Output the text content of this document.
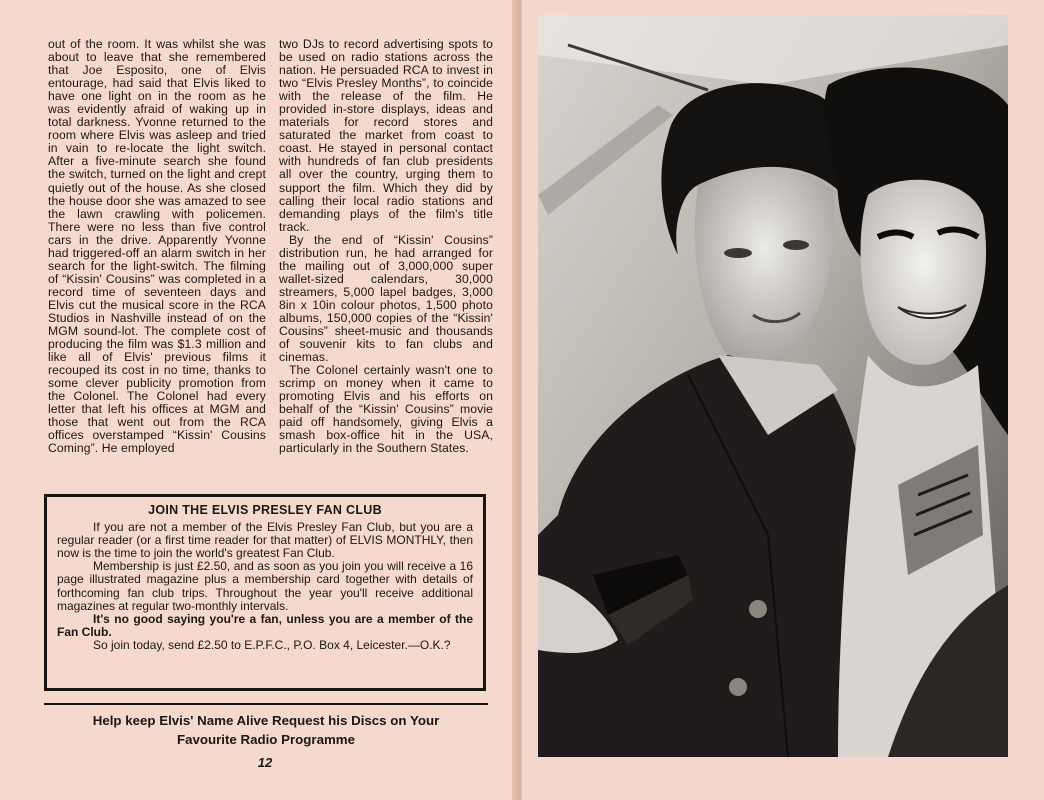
out of the room. It was whilst she was about to leave that she remembered that Joe Esposito, one of Elvis entourage, had said that Elvis liked to have one light on in the room as he was evidently afraid of waking up in total darkness. Yvonne returned to the room where Elvis was asleep and tried in vain to re-locate the light switch. After a five-minute search she found the switch, turned on the light and crept quietly out of the house. As she closed the house door she was amazed to see the lawn crawling with policemen. There were no less than five control cars in the drive. Apparently Yvonne had triggered-off an alarm switch in her search for the light-switch. The filming of “Kissin' Cousins” was completed in a record time of seventeen days and Elvis cut the musical score in the RCA Studios in Nashville instead of on the MGM sound-lot. The complete cost of producing the film was $1.3 million and like all of Elvis' previous films it recouped its cost in no time, thanks to some clever publicity promotion from the Colonel. The Colonel had every letter that left his offices at MGM and those that went out from the RCA offices overstamped “Kissin' Cousins Coming”. He employed

two DJs to record advertising spots to be used on radio stations across the nation. He persuaded RCA to invest in two “Elvis Presley Months”, to coincide with the release of the film. He provided in-store displays, ideas and materials for record stores and saturated the market from coast to coast. He stayed in personal contact with hundreds of fan club presidents all over the country, urging them to support the film. Which they did by calling their local radio stations and demanding plays of the film's title track.

By the end of “Kissin' Cousins” distribution run, he had arranged for the mailing out of 3,000,000 super wallet-sized calendars, 30,000 streamers, 5,000 lapel badges, 3,000 8in x 10in colour photos, 1,500 photo albums, 150,000 copies of the “Kissin' Cousins” sheet-music and thousands of souvenir kits to fan clubs and cinemas.

The Colonel certainly wasn't one to scrimp on money when it came to promoting Elvis and his efforts on behalf of the “Kissin' Cousins” movie paid off handsomely, giving Elvis a smash box-office hit in the USA, particularly in the Southern States.

JOIN THE ELVIS PRESLEY FAN CLUB

If you are not a member of the Elvis Presley Fan Club, but you are a regular reader (or a first time reader for that matter) of ELVIS MONTHLY, then now is the time to join the world's greatest Fan Club.

Membership is just £2.50, and as soon as you join you will receive a 16 page illustrated magazine plus a membership card together with details of forthcoming fan club trips. Throughout the year you'll receive additional magazines at regular two-monthly intervals.

It's no good saying you're a fan, unless you are a member of the Fan Club.

So join today, send £2.50 to E.P.F.C., P.O. Box 4, Leicester.—O.K.?

Help keep Elvis' Name Alive Request his Discs on Your
Favourite Radio Programme
12
